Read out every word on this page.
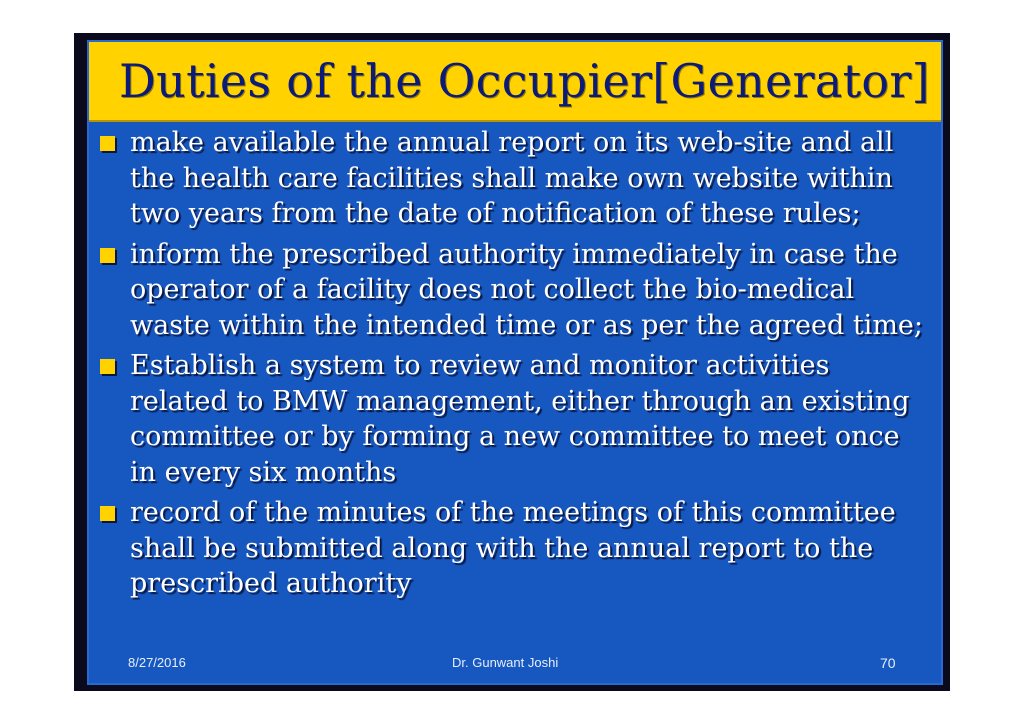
Duties of the Occupier[Generator]
make available the annual report on its web-site and all the health care facilities shall make own website within two years from the date of notification of these rules;
inform the prescribed authority immediately in case the operator of a facility does not collect the bio-medical waste within the intended time or as per the agreed time;
Establish a system to review and monitor activities related to BMW management, either through an existing committee or by forming a new committee to meet once in every six months
record of the minutes of the meetings of this committee shall be submitted along with the annual report to the prescribed authority
8/27/2016	Dr. Gunwant Joshi	70
